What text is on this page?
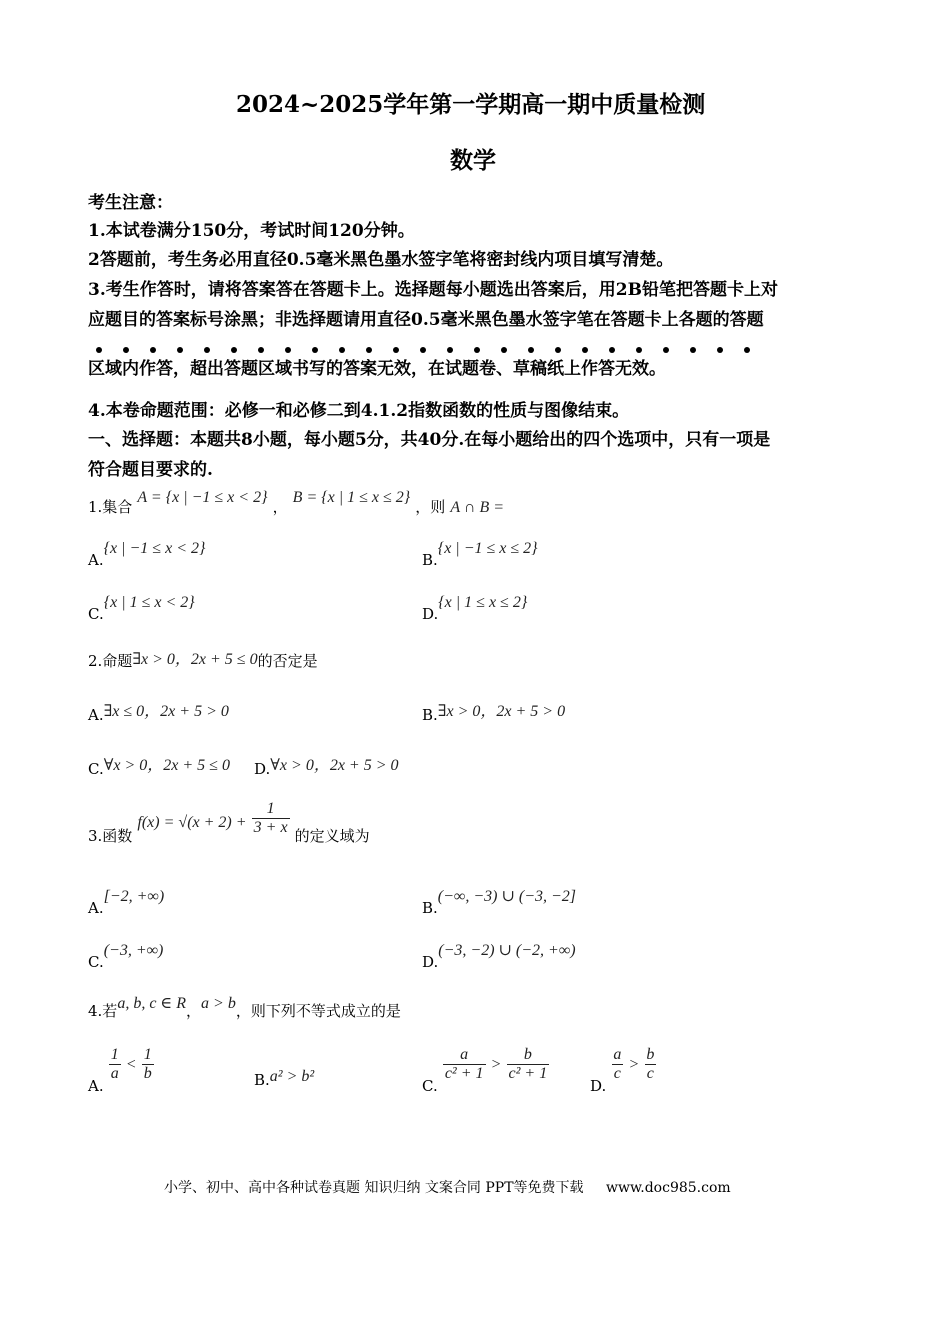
2024~2025学年第一学期高一期中质量检测
数学
考生注意：
1.本试卷满分150分，考试时间120分钟。
2答题前，考生务必用直径0.5毫米黑色墨水签字笔将密封线内项目填写清楚。
3.考生作答时，请将答案答在答题卡上。选择题每小题选出答案后，用2B铅笔把答题卡上对
应题目的答案标号涂黑；非选择题请用直径0.5毫米黑色墨水签字笔在答题卡上各题的答题
区域内作答，超出答题区域书写的答案无效，在试题卷、草稿纸上作答无效。
4.本卷命题范围：必修一和必修二到4.1.2指数函数的性质与图像结束。
一、选择题：本题共8小题，每小题5分，共40分.在每小题给出的四个选项中，只有一项是
符合题目要求的.
1.集合 A = {x | −1 ≤ x < 2} ， B = {x | 1 ≤ x ≤ 2} ，则 A ∩ B =
A.{x | −1 ≤ x < 2}
B.{x | −1 ≤ x ≤ 2}
C.{x | 1 ≤ x < 2}
D.{x | 1 ≤ x ≤ 2}
2.命题∃x > 0，2x + 5 ≤ 0的否定是
A.∃x ≤ 0，2x + 5 > 0	B.∃x > 0，2x + 5 > 0
C.∀x > 0，2x + 5 ≤ 0 D.∀x > 0，2x + 5 > 0
3.函数 $f(x) = √(x + 2) + \frac{1}{3 + x}$ 的定义域为
A.[−2, +∞)
B.(−∞, −3) ∪ (−3, −2]
C.(−3, +∞)
D.(−3, −2) ∪ (−2, +∞)
4.若a, b, c ∈ R，a > b，则下列不等式成立的是
A.
$\frac{1}{a} < \frac{1}{b}$	B.a² > b²
C.
$\frac{a}{\text{c² + 1}} > \frac{b}{\text{c² + 1}}$
D.
$\frac{a}{c} > \frac{b}{c}$
小学、初中、高中各种试卷真题 知识归纳 文案合同 PPT等免费下载 www.doc985.com
